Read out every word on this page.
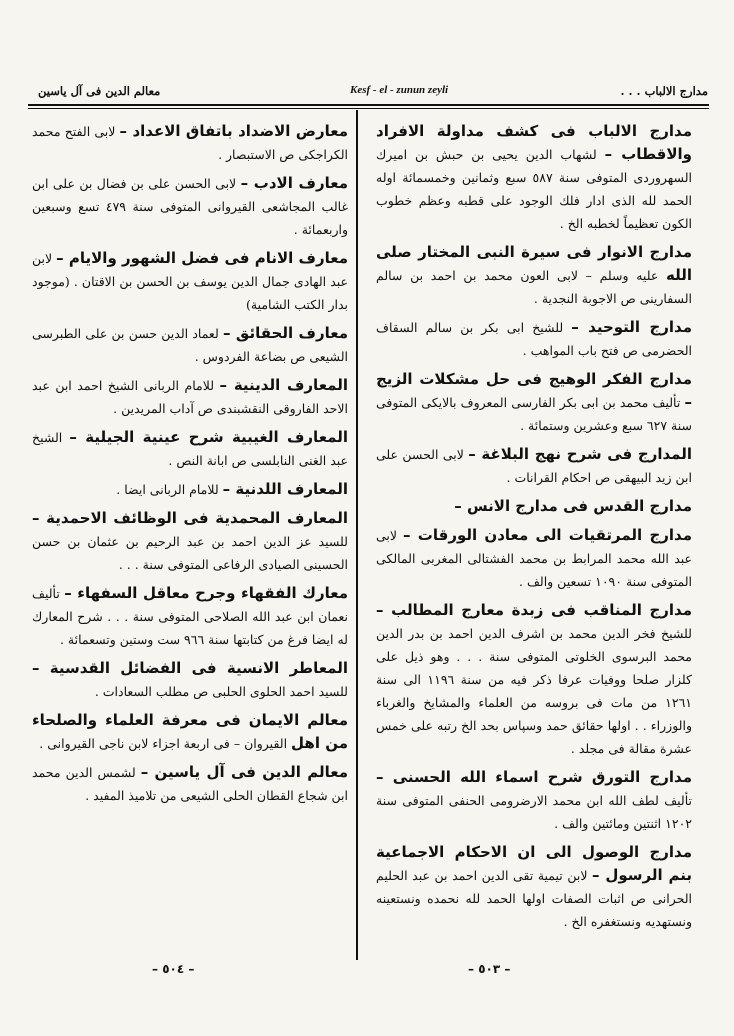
معالم الدين فى آل ياسين	Kesf - el - zunun zeyli	مدارج الالباب . . .

مدارج الالباب فى كشف مداولة الافراد والاقطاب – لشهاب الدين يحيى بن حبش بن اميرك السهروردى المتوفى سنة ٥٨٧ سبع وثمانين وخمسمائة اوله الحمد لله الذى ادار فلك الوجود على قطبه وعظم خطوب الكون تعظيماً لخطبه الخ .

مدارج الانوار فى سيرة النبى المختار صلى الله عليه وسلم – لابى العون محمد بن احمد بن سالم السفارينى ص الاجوبة النجدية .

مدارج التوحيد – للشيخ ابى بكر بن سالم السقاف الحضرمى ص فتح باب المواهب .

مدارج الفكر الوهيج فى حل مشكلات الزيج – تأليف محمد بن ابى بكر الفارسى المعروف بالايكى المتوفى سنة ٦٢٧ سبع وعشرين وستمائة .

المدارج فى شرح نهج البلاغة – لابى الحسن على ابن زيد البيهقى ص احكام القرانات .

مدارج القدس فى مدارج الانس –

مدارج المرتقيات الى معادن الورقات – لابى عبد الله محمد المرابط بن محمد الفشتالى المغربى المالكى المتوفى سنة ١٠٩٠ تسعين والف .

مدارج المناقب فى زبدة معارج المطالب – للشيخ فخر الدين محمد بن اشرف الدين احمد بن بدر الدين محمد البرسوى الخلوتى المتوفى سنة . . . وهو ذيل على كلزار صلحا ووفيات عرفا ذكر فيه من سنة ١١٩٦ الى سنة ١٢٦١ من مات فى بروسه من العلماء والمشايخ والغرباء والوزراء . . اولها حقائق حمد وسپاس بحد الخ رتبه على خمس عشرة مقالة فى مجلد .

مدارج التورق شرح اسماء الله الحسنى – تأليف لطف الله ابن محمد الارضرومى الحنفى المتوفى سنة ١٢٠٢ اثنتين ومائتين والف .

مدارج الوصول الى ان الاحكام الاجماعية بنم الرسول – لابن تيمية تقى الدين احمد بن عبد الحليم الحرانى ص اثبات الصفات اولها الحمد لله نحمده ونستعينه ونستهديه ونستغفره الخ .

معارض الاضداد باتفاق الاعداد – لابى الفتح محمد الكراجكى ص الاستبصار .

معارف الادب – لابى الحسن على بن فضال بن على ابن غالب المجاشعى القيروانى المتوفى سنة ٤٧٩ تسع وسبعين واربعمائة .

معارف الانام فى فضل الشهور والايام – لابن عبد الهادى جمال الدين يوسف بن الحسن بن الاقتان . (موجود بدار الكتب الشامية)

معارف الحقائق – لعماد الدين حسن بن على الطبرسى الشيعى ص بضاعة الفردوس .

المعارف الدينية – للامام الربانى الشيخ احمد ابن عبد الاحد الفاروقى النقشبندى ص آداب المريدين .

المعارف الغيبية شرح عينية الجيلية – الشيخ عبد الغنى النابلسى ص ابانة النص .

المعارف اللدنية – للامام الربانى ايضا .

المعارف المحمدية فى الوظائف الاحمدية – للسيد عز الدين احمد بن عبد الرحيم بن عثمان بن حسن الحسينى الصيادى الرفاعى المتوفى سنة . . .

معارك الفقهاء وجرح معاقل السفهاء – تأليف نعمان ابن عبد الله الصلاحى المتوفى سنة . . . شرح المعارك له ايضا فرغ من كتابتها سنة ٩٦٦ ست وستين وتسعمائة .

المعاطر الانسية فى الفضائل القدسية – للسيد احمد الحلوى الحلبى ص مطلب السعادات .

معالم الايمان فى معرفة العلماء والصلحاء من اهل القيروان – فى اربعة اجزاء لابن ناجى القيروانى .

معالم الدين فى آل ياسين – لشمس الدين محمد ابن شجاع القطان الحلى الشيعى من تلاميذ المفيد .

– ٥٠٣ –
– ٥٠٤ –
